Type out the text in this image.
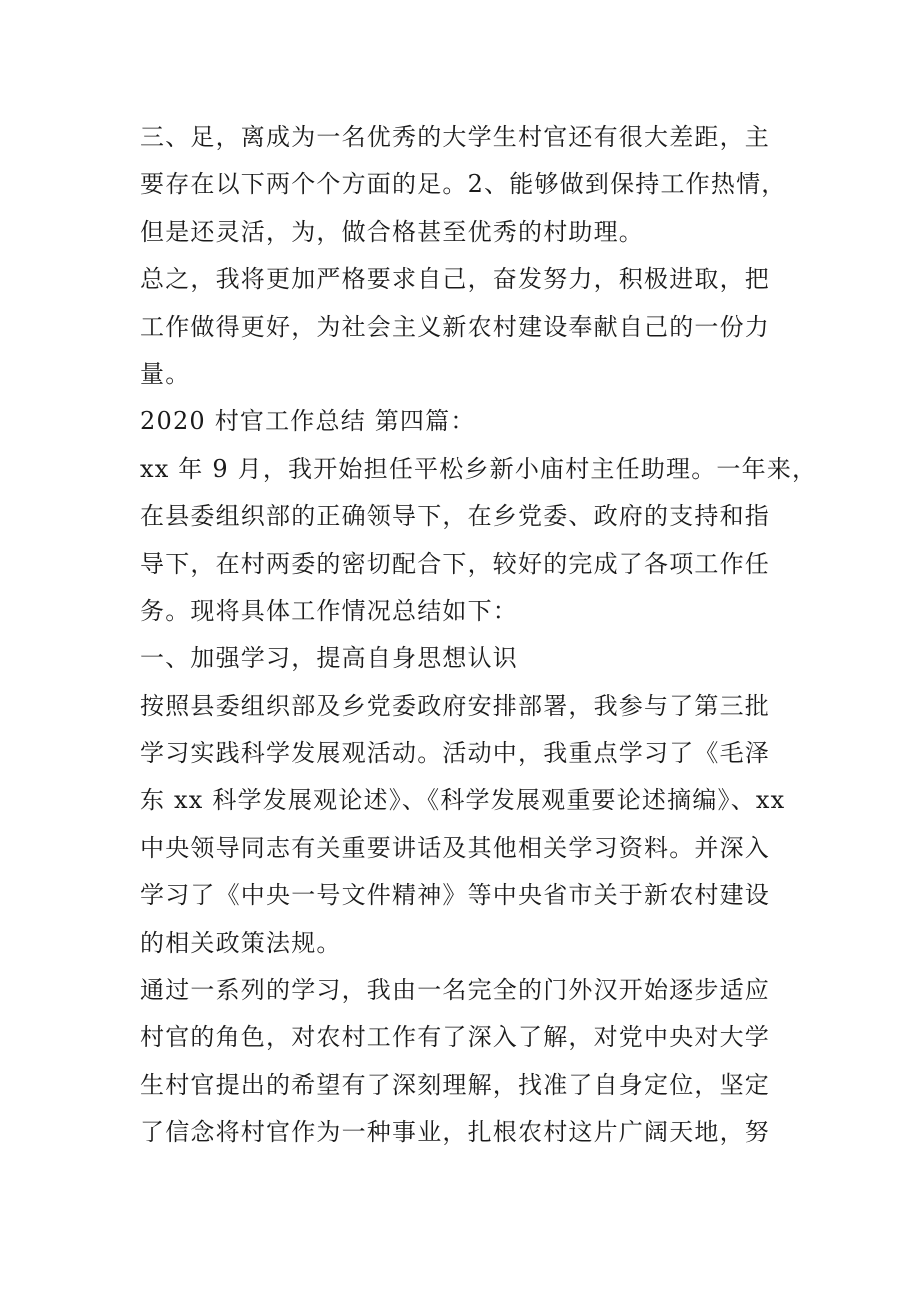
三、足，离成为一名优秀的大学生村官还有很大差距，主
要存在以下两个个方面的足。2、能够做到保持工作热情，
但是还灵活，为，做合格甚至优秀的村助理。
总之，我将更加严格要求自己，奋发努力，积极进取，把
工作做得更好，为社会主义新农村建设奉献自己的一份力
量。
2020 村官工作总结 第四篇：
xx 年 9 月，我开始担任平松乡新小庙村主任助理。一年来，
在县委组织部的正确领导下，在乡党委、政府的支持和指
导下，在村两委的密切配合下，较好的完成了各项工作任
务。现将具体工作情况总结如下：
一、加强学习，提高自身思想认识
按照县委组织部及乡党委政府安排部署，我参与了第三批
学习实践科学发展观活动。活动中，我重点学习了《毛泽
东 xx 科学发展观论述》、《科学发展观重要论述摘编》、xx
中央领导同志有关重要讲话及其他相关学习资料。并深入
学习了《中央一号文件精神》等中央省市关于新农村建设
的相关政策法规。
通过一系列的学习，我由一名完全的门外汉开始逐步适应
村官的角色，对农村工作有了深入了解，对党中央对大学
生村官提出的希望有了深刻理解，找准了自身定位，坚定
了信念将村官作为一种事业，扎根农村这片广阔天地，努
